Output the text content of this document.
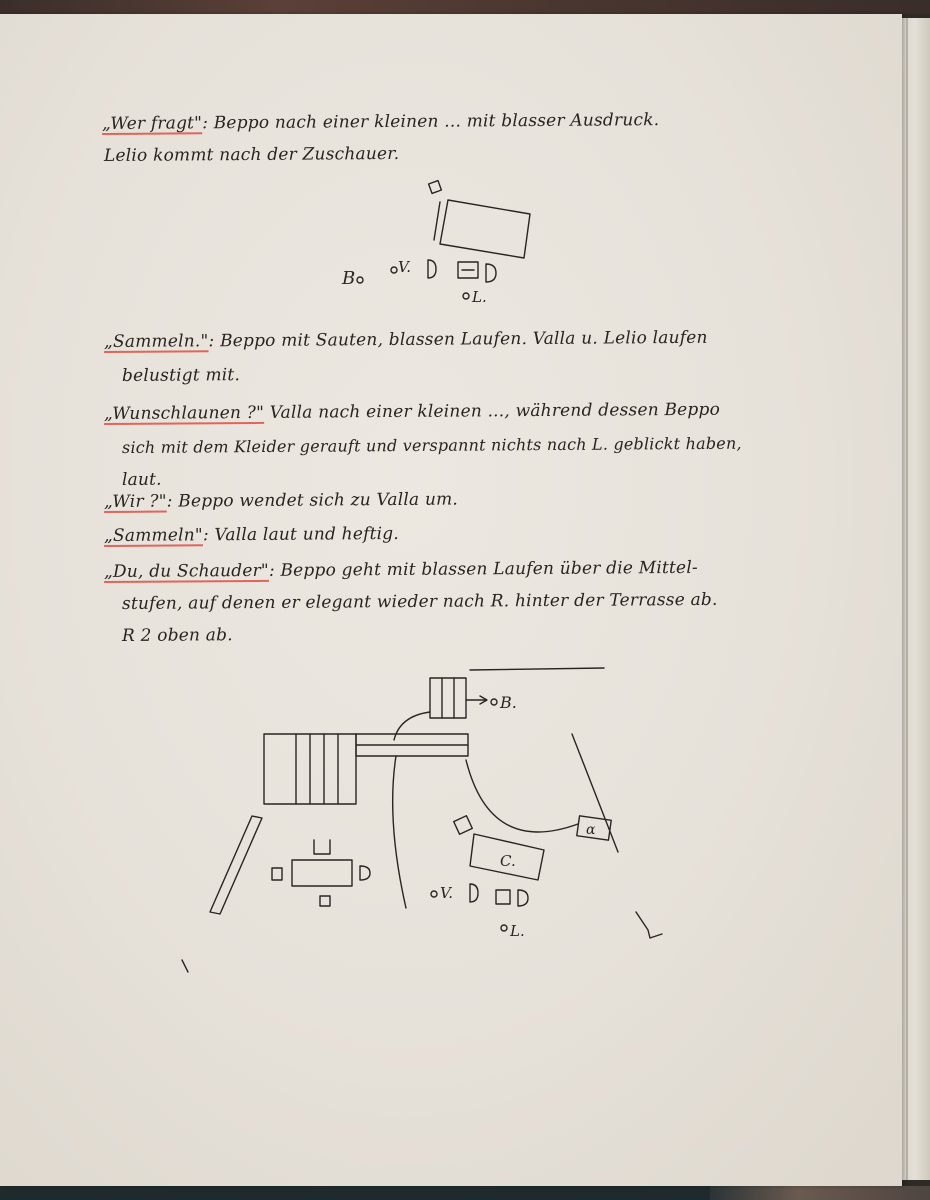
„Wer fragt": Beppo nach einer kleinen ... mit blasser Ausdruck.
Lelio kommt nach der Zuschauer.
„Sammeln.": Beppo mit Sauten, blassen Laufen. Valla u. Lelio laufen
belustigt mit.
„Wunschlaunen ?" Valla nach einer kleinen ..., während dessen Beppo
sich mit dem Kleider gerauft und verspannt nichts nach L. geblickt haben,
laut.
„Wir ?": Beppo wendet sich zu Valla um.
„Sammeln": Valla laut und heftig.
„Du, du Schauder": Beppo geht mit blassen Laufen über die Mittel-
stufen, auf denen er elegant wieder nach R. hinter der Terrasse ab.
R 2 oben ab.
B
V.
L.
B.
α
C.
V.
L.
